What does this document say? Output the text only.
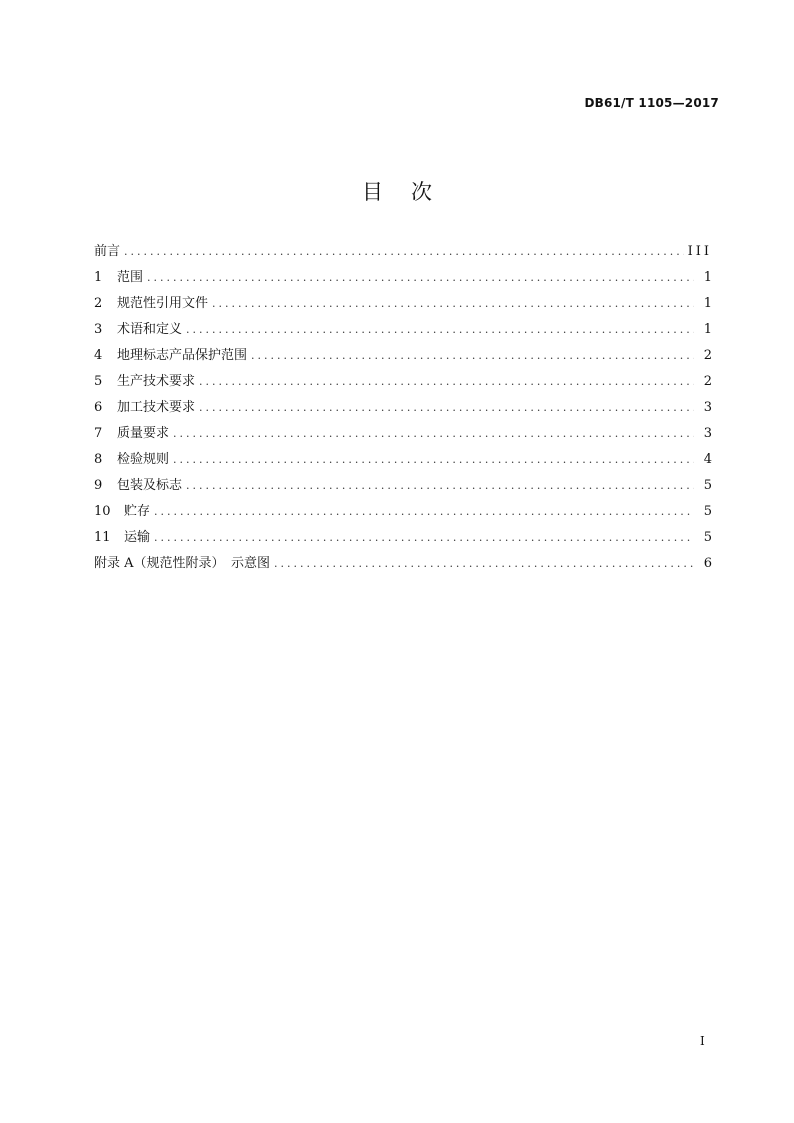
DB61/T 1105—2017
目 次
前言 .....	III
1	范围 .....	1
2	规范性引用文件 .....	1
3	术语和定义 .....	1
4	地理标志产品保护范围 .....	2
5	生产技术要求 .....	2
6	加工技术要求 .....	3
7	质量要求 .....	3
8	检验规则 .....	4
9	包装及标志 .....	5
10	贮存 .....	5
11	运输 .....	5
附录 A（规范性附录）　示意图 .....	6
I
